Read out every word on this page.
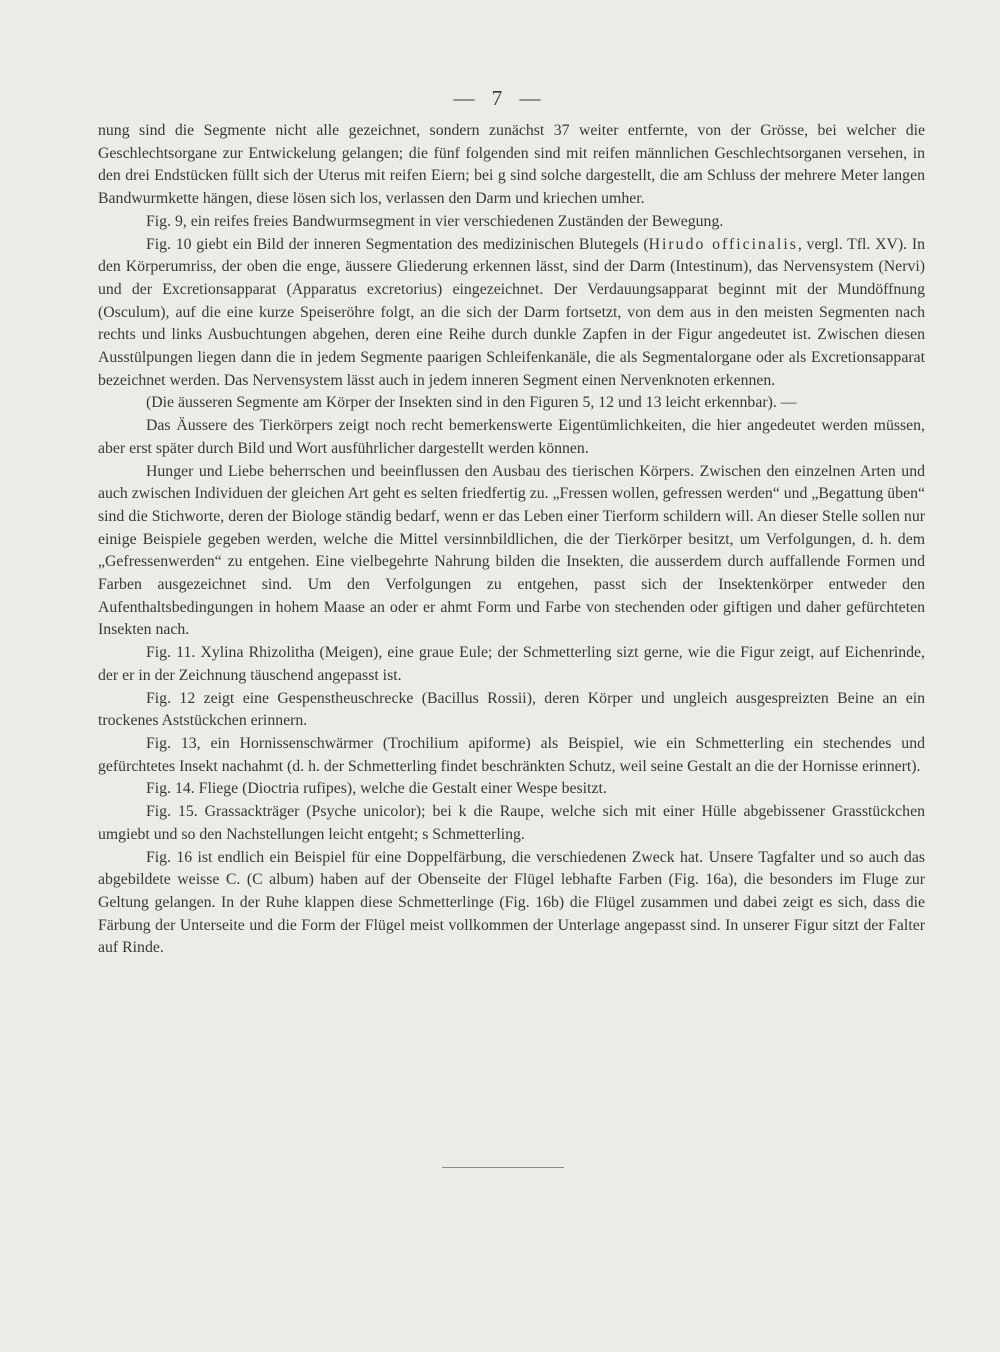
— 7 —

nung sind die Segmente nicht alle gezeichnet, sondern zunächst 37 weiter entfernte, von der Grösse, bei welcher die Geschlechtsorgane zur Entwickelung gelangen; die fünf folgenden sind mit reifen männlichen Geschlechtsorganen versehen, in den drei Endstücken füllt sich der Uterus mit reifen Eiern; bei g sind solche dargestellt, die am Schluss der mehrere Meter langen Bandwurmkette hängen, diese lösen sich los, verlassen den Darm und kriechen umher.

Fig. 9, ein reifes freies Bandwurmsegment in vier verschiedenen Zuständen der Bewegung.

Fig. 10 giebt ein Bild der inneren Segmentation des medizinischen Blutegels (Hirudo officinalis, vergl. Tfl. XV). In den Körperumriss, der oben die enge, äussere Gliederung erkennen lässt, sind der Darm (Intestinum), das Nervensystem (Nervi) und der Excretionsapparat (Apparatus excretorius) eingezeichnet. Der Verdauungsapparat beginnt mit der Mundöffnung (Osculum), auf die eine kurze Speiseröhre folgt, an die sich der Darm fortsetzt, von dem aus in den meisten Segmenten nach rechts und links Ausbuchtungen abgehen, deren eine Reihe durch dunkle Zapfen in der Figur angedeutet ist. Zwischen diesen Ausstülpungen liegen dann die in jedem Segmente paarigen Schleifenkanäle, die als Segmentalorgane oder als Excretionsapparat bezeichnet werden. Das Nervensystem lässt auch in jedem inneren Segment einen Nervenknoten erkennen.

(Die äusseren Segmente am Körper der Insekten sind in den Figuren 5, 12 und 13 leicht erkennbar). —

Das Äussere des Tierkörpers zeigt noch recht bemerkenswerte Eigentümlichkeiten, die hier angedeutet werden müssen, aber erst später durch Bild und Wort ausführlicher dargestellt werden können.

Hunger und Liebe beherrschen und beeinflussen den Ausbau des tierischen Körpers. Zwischen den einzelnen Arten und auch zwischen Individuen der gleichen Art geht es selten friedfertig zu. „Fressen wollen, gefressen werden“ und „Begattung üben“ sind die Stichworte, deren der Biologe ständig bedarf, wenn er das Leben einer Tierform schildern will. An dieser Stelle sollen nur einige Beispiele gegeben werden, welche die Mittel versinnbildlichen, die der Tierkörper besitzt, um Verfolgungen, d. h. dem „Gefressenwerden“ zu entgehen. Eine vielbegehrte Nahrung bilden die Insekten, die ausserdem durch auffallende Formen und Farben ausgezeichnet sind. Um den Verfolgungen zu entgehen, passt sich der Insektenkörper entweder den Aufenthaltsbedingungen in hohem Maase an oder er ahmt Form und Farbe von stechenden oder giftigen und daher gefürchteten Insekten nach.

Fig. 11. Xylina Rhizolitha (Meigen), eine graue Eule; der Schmetterling sizt gerne, wie die Figur zeigt, auf Eichenrinde, der er in der Zeichnung täuschend angepasst ist.

Fig. 12 zeigt eine Gespenstheuschrecke (Bacillus Rossii), deren Körper und ungleich ausgespreizten Beine an ein trockenes Aststückchen erinnern.

Fig. 13, ein Hornissenschwärmer (Trochilium apiforme) als Beispiel, wie ein Schmetterling ein stechendes und gefürchtetes Insekt nachahmt (d. h. der Schmetterling findet beschränkten Schutz, weil seine Gestalt an die der Hornisse erinnert).

Fig. 14. Fliege (Dioctria rufipes), welche die Gestalt einer Wespe besitzt.

Fig. 15. Grassackträger (Psyche unicolor); bei k die Raupe, welche sich mit einer Hülle abgebissener Grasstückchen umgiebt und so den Nachstellungen leicht entgeht; s Schmetterling.

Fig. 16 ist endlich ein Beispiel für eine Doppelfärbung, die verschiedenen Zweck hat. Unsere Tagfalter und so auch das abgebildete weisse C. (C album) haben auf der Obenseite der Flügel lebhafte Farben (Fig. 16a), die besonders im Fluge zur Geltung gelangen. In der Ruhe klappen diese Schmetterlinge (Fig. 16b) die Flügel zusammen und dabei zeigt es sich, dass die Färbung der Unterseite und die Form der Flügel meist vollkommen der Unterlage angepasst sind. In unserer Figur sitzt der Falter auf Rinde.
